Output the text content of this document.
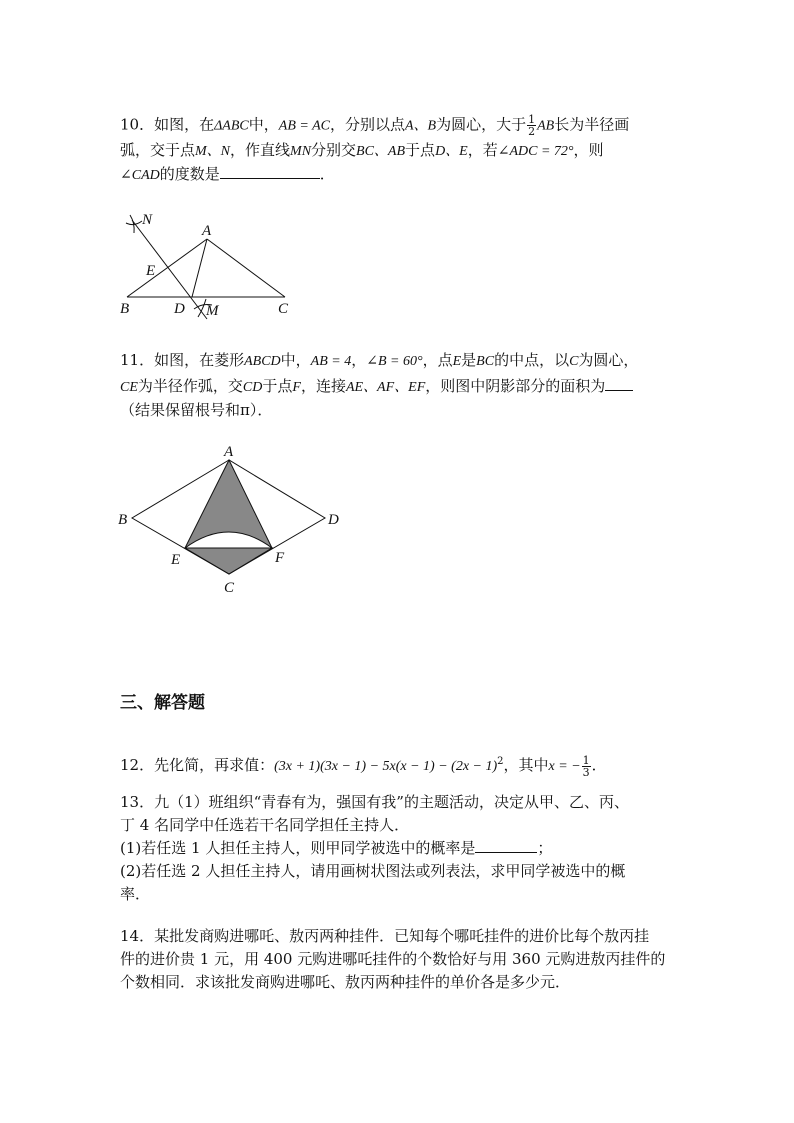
10．如图，在ΔABC中，AB = AC，分别以点A、B为圆心，大于 $\frac{1}{2}$ AB长为半径画
弧，交于点M、N，作直线MN分别交BC、AB于点D、E，若∠ADC = 72°，则
∠CAD的度数是	．
N
A
E
B	D M	C
11．如图，在菱形ABCD中，AB = 4，∠B = 60°，点E是BC的中点，以C为圆心，
CE为半径作弧，交CD于点F，连接AE、AF、EF，则图中阴影部分的面积为
（结果保留根号和π）．
A
B	D
E	F
C
三、解答题
12．先化简，再求值：$(3x + 1)(3x - 1) - 5x(x - 1) - (2x - 1)^2$，其中x = − $\frac{1}{3}$ ．
13．九（1）班组织“青春有为，强国有我”的主题活动，决定从甲、乙、丙、
丁 4 名同学中任选若干名同学担任主持人．
(1)若任选 1 人担任主持人，则甲同学被选中的概率是	；
(2)若任选 2 人担任主持人，请用画树状图法或列表法，求甲同学被选中的概
率．
14．某批发商购进哪吒、敖丙两种挂件．已知每个哪吒挂件的进价比每个敖丙挂
件的进价贵 1 元，用 400 元购进哪吒挂件的个数恰好与用 360 元购进敖丙挂件的
个数相同．求该批发商购进哪吒、敖丙两种挂件的单价各是多少元．
